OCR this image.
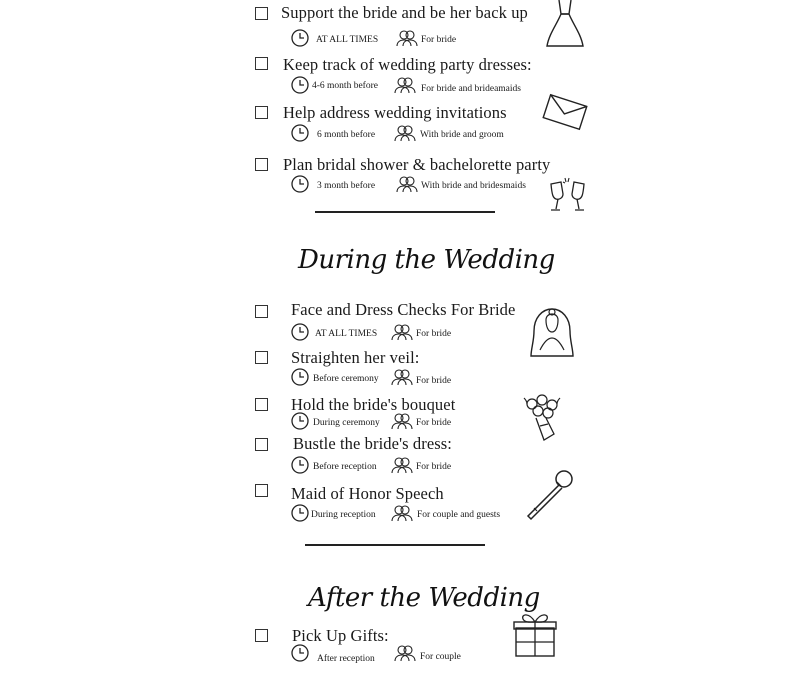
Support the bride and be her back up
AT ALL TIMES	For bride
Keep track of wedding party dresses:
4-6 month before	For bride and brideamaids
Help address wedding invitations
6 month before	With bride and groom
Plan bridal shower & bachelorette party
3 month before	With bride and bridesmaids
During the Wedding
Face and Dress Checks For Bride
AT ALL TIMES	For bride
Straighten her veil:
Before ceremony	For bride
Hold the bride's bouquet
During ceremony	For bride
Bustle the bride's dress:
Before reception	For bride
Maid of Honor Speech
During reception	For couple and guests
After the Wedding
Pick Up Gifts:
After reception	For couple
